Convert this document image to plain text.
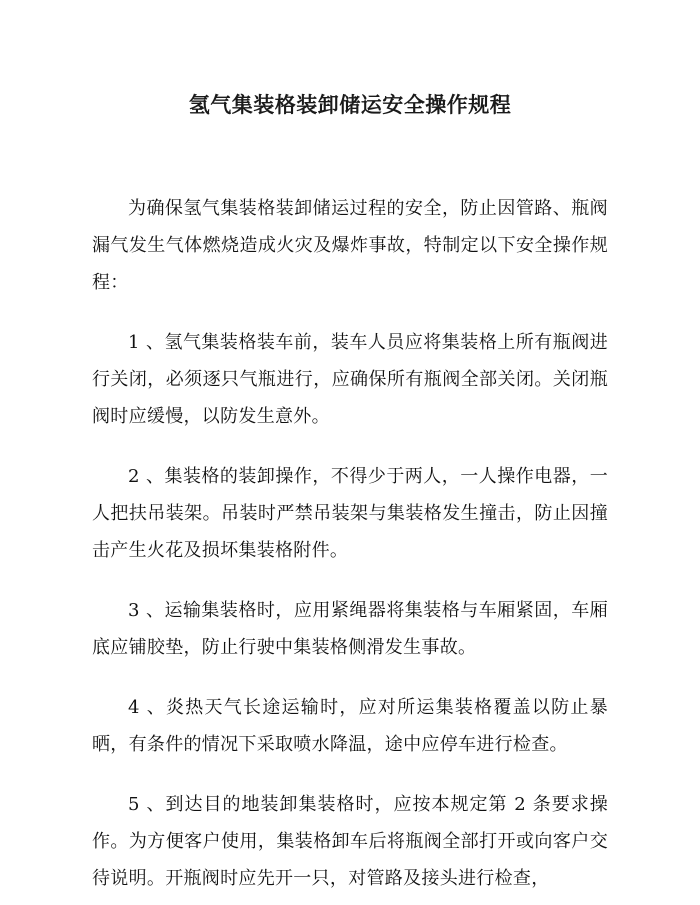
氢气集装格装卸储运安全操作规程

为确保氢气集装格装卸储运过程的安全，防止因管路、瓶阀漏气发生气体燃烧造成火灾及爆炸事故，特制定以下安全操作规程：

1 、氢气集装格装车前，装车人员应将集装格上所有瓶阀进行关闭，必须逐只气瓶进行，应确保所有瓶阀全部关闭。关闭瓶阀时应缓慢，以防发生意外。

2 、集装格的装卸操作，不得少于两人，一人操作电器，一人把扶吊装架。吊装时严禁吊装架与集装格发生撞击，防止因撞击产生火花及损坏集装格附件。

3 、运输集装格时，应用紧绳器将集装格与车厢紧固，车厢底应铺胶垫，防止行驶中集装格侧滑发生事故。

4 、炎热天气长途运输时，应对所运集装格覆盖以防止暴晒，有条件的情况下采取喷水降温，途中应停车进行检查。

5 、到达目的地装卸集装格时，应按本规定第 2 条要求操作。为方便客户使用，集装格卸车后将瓶阀全部打开或向客户交待说明。开瓶阀时应先开一只，对管路及接头进行检查，
